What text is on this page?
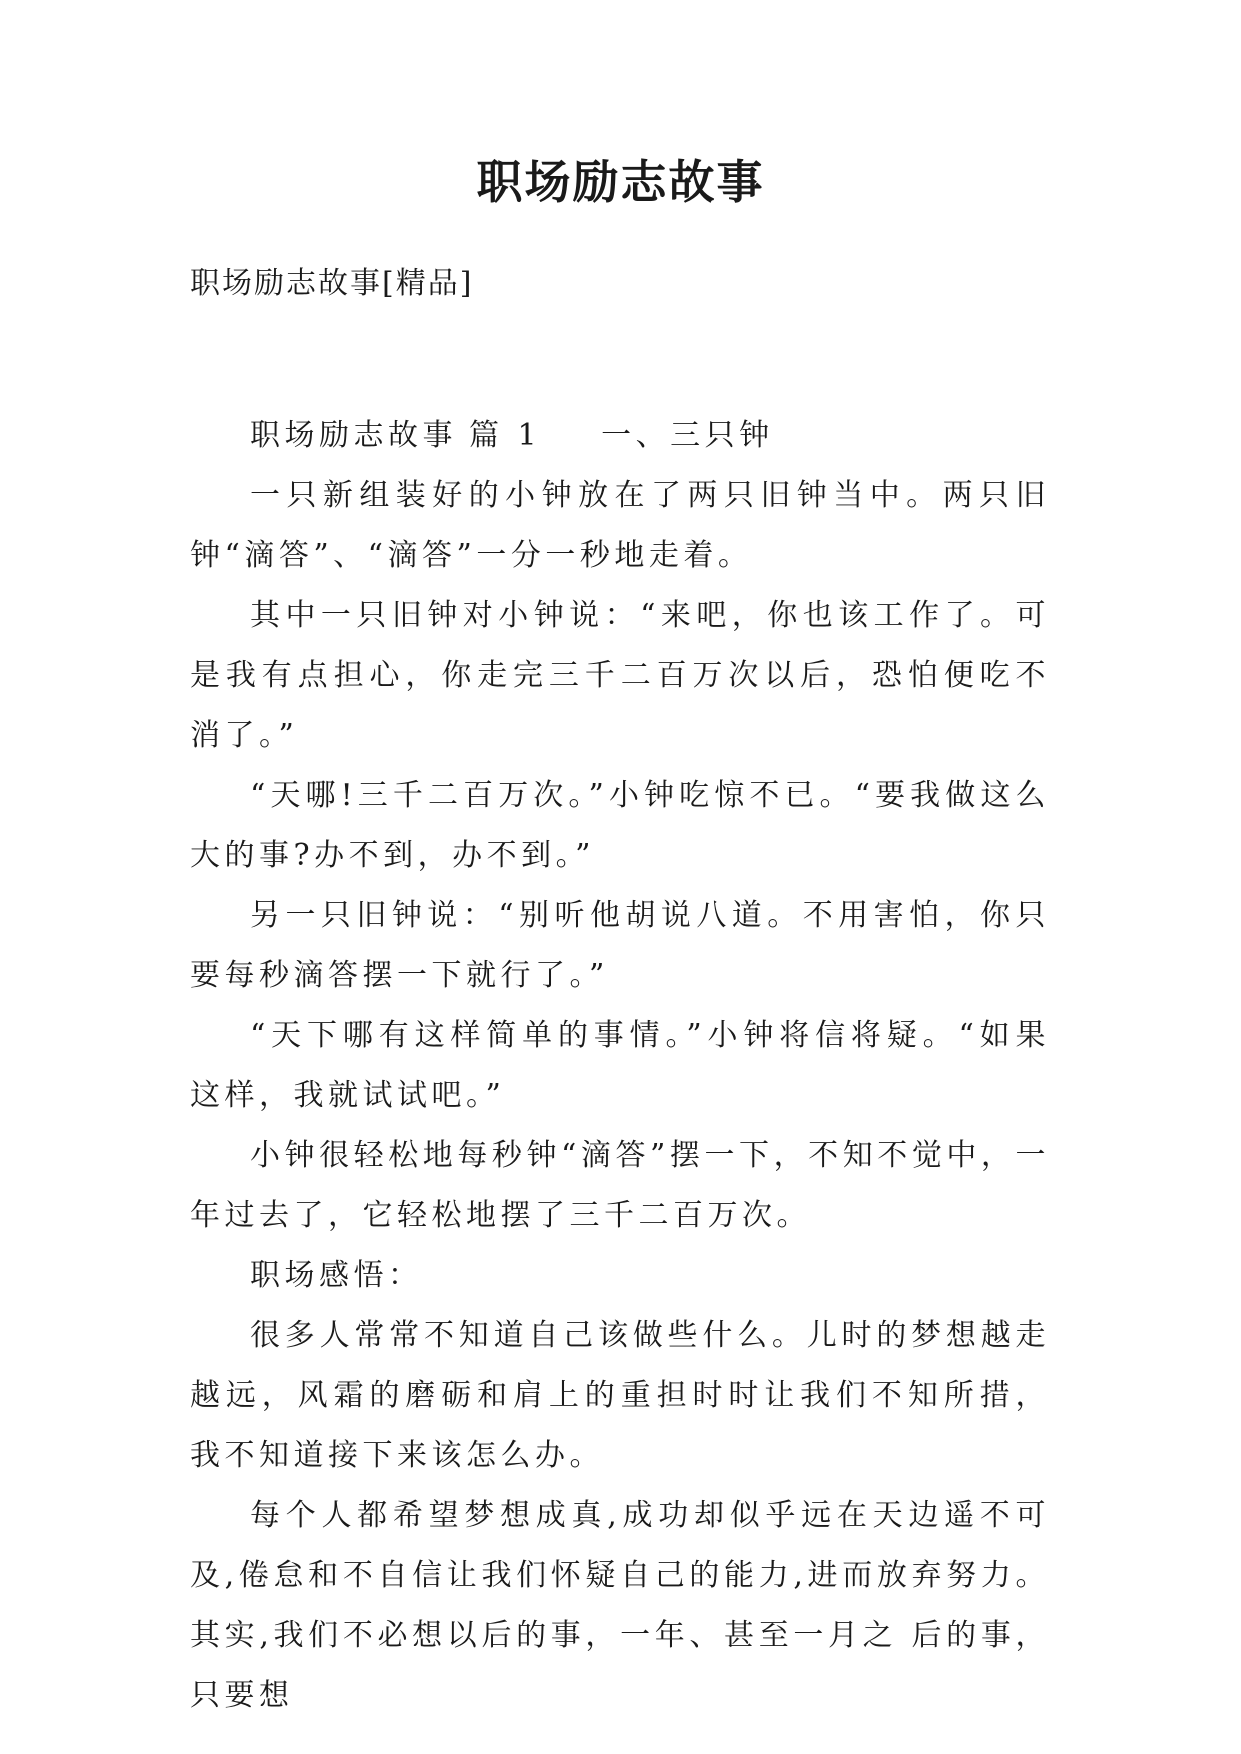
职场励志故事
职场励志故事[精品]

职场励志故事 篇 1 一、三只钟

一只新组装好的小钟放在了两只旧钟当中。两只旧钟“滴答”、“滴答”一分一秒地走着。

其中一只旧钟对小钟说：“来吧，你也该工作了。可是我有点担心，你走完三千二百万次以后，恐怕便吃不消了。”

“天哪!三千二百万次。”小钟吃惊不已。“要我做这么大的事?办不到，办不到。”

另一只旧钟说：“别听他胡说八道。不用害怕，你只要每秒滴答摆一下就行了。”

“天下哪有这样简单的事情。”小钟将信将疑。“如果这样，我就试试吧。”

小钟很轻松地每秒钟“滴答”摆一下，不知不觉中，一年过去了，它轻松地摆了三千二百万次。

职场感悟：

很多人常常不知道自己该做些什么。儿时的梦想越走越远，风霜的磨砺和肩上的重担时时让我们不知所措，我不知道接下来该怎么办。

每个人都希望梦想成真,成功却似乎远在天边遥不可及,倦怠和不自信让我们怀疑自己的能力,进而放弃努力。其实,我们不必想以后的事，一年、甚至一月之 后的事，只要想
